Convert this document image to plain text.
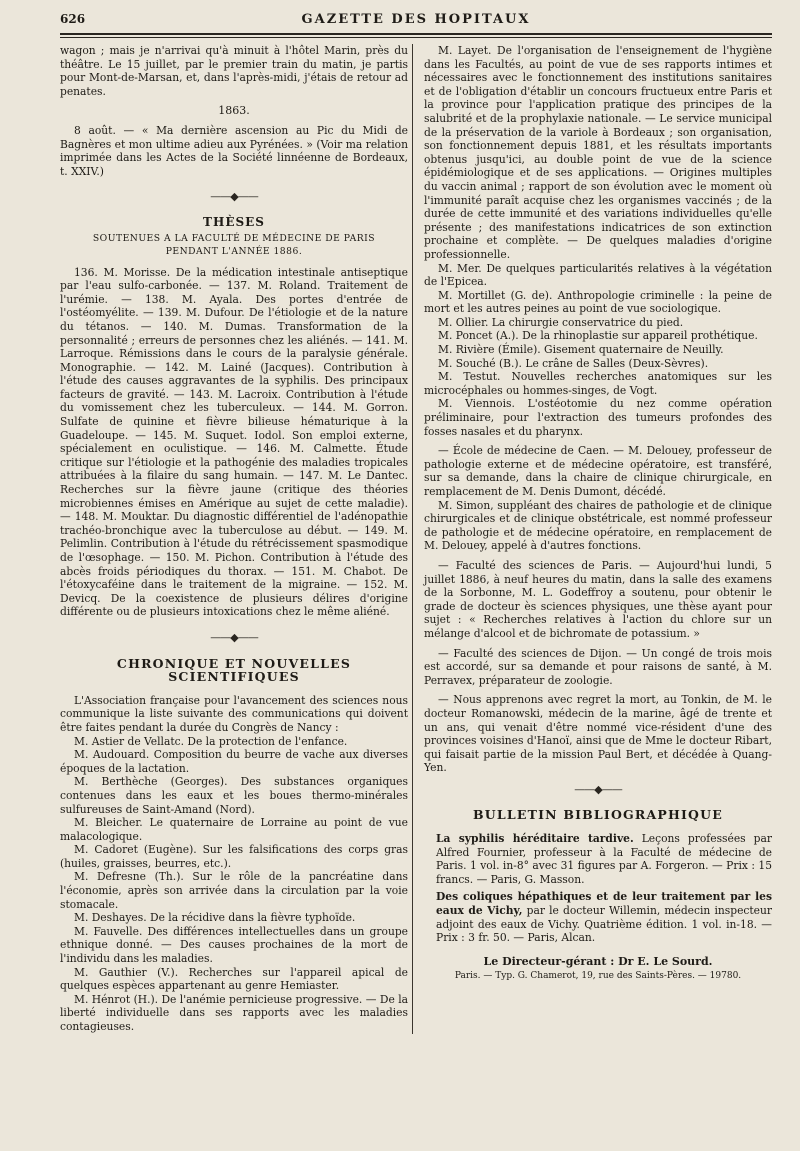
626	GAZETTE DES HOPITAUX

wagon ; mais je n'arrivai qu'à minuit à l'hôtel Marin, près du théâtre. Le 15 juillet, par le premier train du matin, je partis pour Mont-de-Marsan, et, dans l'après-midi, j'étais de retour ad penates.

1863.

8 août. — « Ma dernière ascension au Pic du Midi de Bagnères et mon ultime adieu aux Pyrénées. » (Voir ma relation imprimée dans les Actes de la Société linnéenne de Bordeaux, t. XXIV.)

——◆——
THÈSES
SOUTENUES A LA FACULTÉ DE MÉDECINE DE PARIS
PENDANT L'ANNÉE 1886.

136. M. Morisse. De la médication intestinale antiseptique par l'eau sulfo-carbonée. — 137. M. Roland. Traitement de l'urémie. — 138. M. Ayala. Des portes d'entrée de l'ostéomyélite. — 139. M. Dufour. De l'étiologie et de la nature du tétanos. — 140. M. Dumas. Transformation de la personnalité ; erreurs de personnes chez les aliénés. — 141. M. Larroque. Rémissions dans le cours de la paralysie générale. Monographie. — 142. M. Lainé (Jacques). Contribution à l'étude des causes aggravantes de la syphilis. Des principaux facteurs de gravité. — 143. M. Lacroix. Contribution à l'étude du vomissement chez les tuberculeux. — 144. M. Gorron. Sulfate de quinine et fièvre bilieuse hématurique à la Guadeloupe. — 145. M. Suquet. Iodol. Son emploi externe, spécialement en oculistique. — 146. M. Calmette. Étude critique sur l'étiologie et la pathogénie des maladies tropicales attribuées à la filaire du sang humain. — 147. M. Le Dantec. Recherches sur la fièvre jaune (critique des théories microbiennes émises en Amérique au sujet de cette maladie). — 148. M. Mouktar. Du diagnostic différentiel de l'adénopathie trachéo-bronchique avec la tuberculose au début. — 149. M. Pelimlin. Contribution à l'étude du rétrécissement spasmodique de l'œsophage. — 150. M. Pichon. Contribution à l'étude des abcès froids périodiques du thorax. — 151. M. Chabot. De l'étoxycaféine dans le traitement de la migraine. — 152. M. Devicq. De la coexistence de plusieurs délires d'origine différente ou de plusieurs intoxications chez le même aliéné.

——◆——
CHRONIQUE ET NOUVELLES SCIENTIFIQUES

L'Association française pour l'avancement des sciences nous communique la liste suivante des communications qui doivent être faites pendant la durée du Congrès de Nancy :

M. Astier de Vellatc. De la protection de l'enfance.

M. Audouard. Composition du beurre de vache aux diverses époques de la lactation.

M. Berthèche (Georges). Des substances organiques contenues dans les eaux et les boues thermo-minérales sulfureuses de Saint-Amand (Nord).

M. Bleicher. Le quaternaire de Lorraine au point de vue malacologique.

M. Cadoret (Eugène). Sur les falsifications des corps gras (huiles, graisses, beurres, etc.).

M. Defresne (Th.). Sur le rôle de la pancréatine dans l'économie, après son arrivée dans la circulation par la voie stomacale.

M. Deshayes. De la récidive dans la fièvre typhoïde.

M. Fauvelle. Des différences intellectuelles dans un groupe ethnique donné. — Des causes prochaines de la mort de l'individu dans les maladies.

M. Gauthier (V.). Recherches sur l'appareil apical de quelques espèces appartenant au genre Hemiaster.

M. Hénrot (H.). De l'anémie pernicieuse progressive. — De la liberté individuelle dans ses rapports avec les maladies contagieuses.

M. Layet. De l'organisation de l'enseignement de l'hygiène dans les Facultés, au point de vue de ses rapports intimes et nécessaires avec le fonctionnement des institutions sanitaires et de l'obligation d'établir un concours fructueux entre Paris et la province pour l'application pratique des principes de la salubrité et de la prophylaxie nationale. — Le service municipal de la préservation de la variole à Bordeaux ; son organisation, son fonctionnement depuis 1881, et les résultats importants obtenus jusqu'ici, au double point de vue de la science épidémiologique et de ses applications. — Origines multiples du vaccin animal ; rapport de son évolution avec le moment où l'immunité paraît acquise chez les organismes vaccinés ; de la durée de cette immunité et des variations individuelles qu'elle présente ; des manifestations indicatrices de son extinction prochaine et complète. — De quelques maladies d'origine professionnelle.

M. Mer. De quelques particularités relatives à la végétation de l'Epicea.

M. Mortillet (G. de). Anthropologie criminelle : la peine de mort et les autres peines au point de vue sociologique.

M. Ollier. La chirurgie conservatrice du pied.

M. Poncet (A.). De la rhinoplastie sur appareil prothétique.

M. Rivière (Émile). Gisement quaternaire de Neuilly.

M. Souché (B.). Le crâne de Salles (Deux-Sèvres).

M. Testut. Nouvelles recherches anatomiques sur les microcéphales ou hommes-singes, de Vogt.

M. Viennois. L'ostéotomie du nez comme opération préliminaire, pour l'extraction des tumeurs profondes des fosses nasales et du pharynx.

— École de médecine de Caen. — M. Delouey, professeur de pathologie externe et de médecine opératoire, est transféré, sur sa demande, dans la chaire de clinique chirurgicale, en remplacement de M. Denis Dumont, décédé.

M. Simon, suppléant des chaires de pathologie et de clinique chirurgicales et de clinique obstétricale, est nommé professeur de pathologie et de médecine opératoire, en remplacement de M. Delouey, appelé à d'autres fonctions.

— Faculté des sciences de Paris. — Aujourd'hui lundi, 5 juillet 1886, à neuf heures du matin, dans la salle des examens de la Sorbonne, M. L. Godeffroy a soutenu, pour obtenir le grade de docteur ès sciences physiques, une thèse ayant pour sujet : « Recherches relatives à l'action du chlore sur un mélange d'alcool et de bichromate de potassium. »

— Faculté des sciences de Dijon. — Un congé de trois mois est accordé, sur sa demande et pour raisons de santé, à M. Perravex, préparateur de zoologie.

— Nous apprenons avec regret la mort, au Tonkin, de M. le docteur Romanowski, médecin de la marine, âgé de trente et un ans, qui venait d'être nommé vice-résident d'une des provinces voisines d'Hanoï, ainsi que de Mme le docteur Ribart, qui faisait partie de la mission Paul Bert, et décédée à Quang-Yen.

——◆——
BULLETIN BIBLIOGRAPHIQUE

La syphilis héréditaire tardive. Leçons professées par Alfred Fournier, professeur à la Faculté de médecine de Paris. 1 vol. in-8° avec 31 figures par A. Forgeron. — Prix : 15 francs. — Paris, G. Masson.

Des coliques hépathiques et de leur traitement par les eaux de Vichy, par le docteur Willemin, médecin inspecteur adjoint des eaux de Vichy. Quatrième édition. 1 vol. in-18. — Prix : 3 fr. 50. — Paris, Alcan.

Le Directeur-gérant : Dr E. Le Sourd.
Paris. — Typ. G. Chamerot, 19, rue des Saints-Pères. — 19780.
